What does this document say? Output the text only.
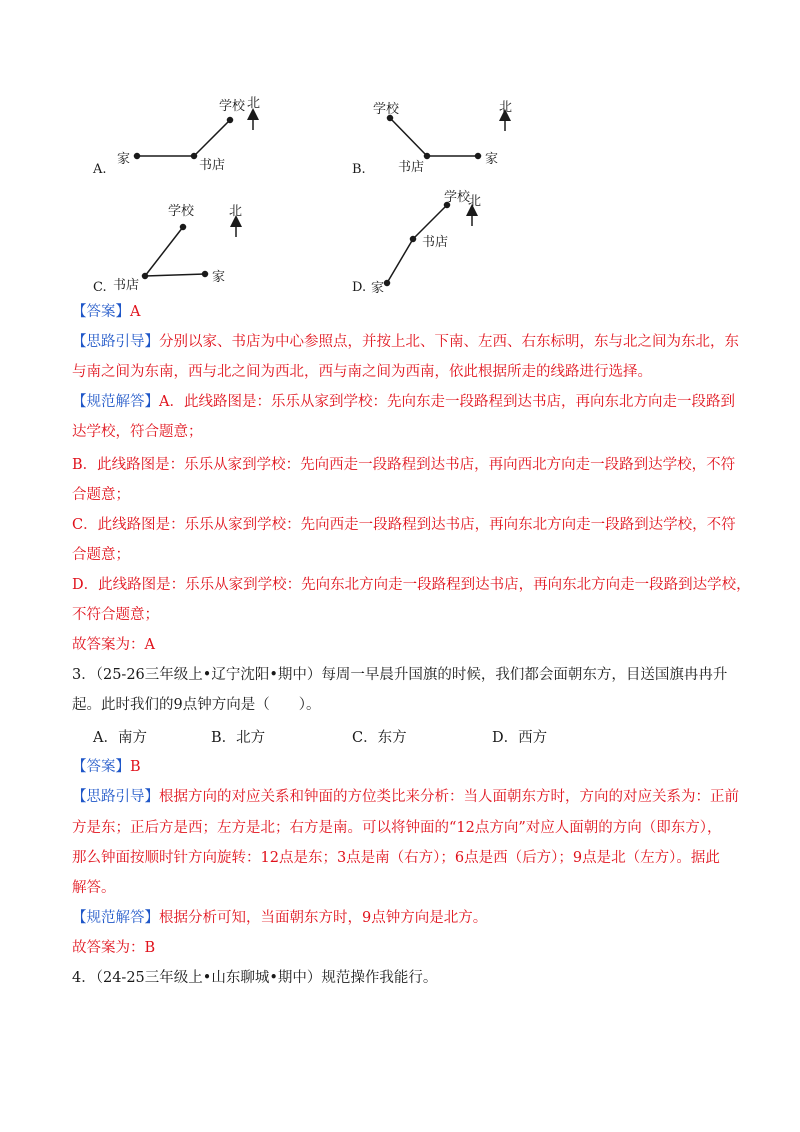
学校 北
家	书店
A.
学校	北
书店
家
B.
学校	北
书店
家
C.
学校
北
书店
家
D.
【答案】A
【思路引导】分别以家、书店为中心参照点，并按上北、下南、左西、右东标明，东与北之间为东北，东
与南之间为东南，西与北之间为西北，西与南之间为西南，依此根据所走的线路进行选择。
【规范解答】A．此线路图是：乐乐从家到学校：先向东走一段路程到达书店，再向东北方向走一段路到
达学校，符合题意；
B．此线路图是：乐乐从家到学校：先向西走一段路程到达书店，再向西北方向走一段路到达学校，不符
合题意；
C．此线路图是：乐乐从家到学校：先向西走一段路程到达书店，再向东北方向走一段路到达学校，不符
合题意；
D．此线路图是：乐乐从家到学校：先向东北方向走一段路程到达书店，再向东北方向走一段路到达学校，
不符合题意；
故答案为：A
3．（25-26三年级上•辽宁沈阳•期中）每周一早晨升国旗的时候，我们都会面朝东方，目送国旗冉冉升
起。此时我们的9点钟方向是（　　）。
A．南方	B．北方	C．东方	D．西方
【答案】B
【思路引导】根据方向的对应关系和钟面的方位类比来分析：当人面朝东方时，方向的对应关系为：正前
方是东；正后方是西；左方是北；右方是南。可以将钟面的“12点方向”对应人面朝的方向（即东方），
那么钟面按顺时针方向旋转：12点是东；3点是南（右方）；6点是西（后方）；9点是北（左方）。据此
解答。
【规范解答】根据分析可知，当面朝东方时，9点钟方向是北方。
故答案为：B
4．（24-25三年级上•山东聊城•期中）规范操作我能行。
